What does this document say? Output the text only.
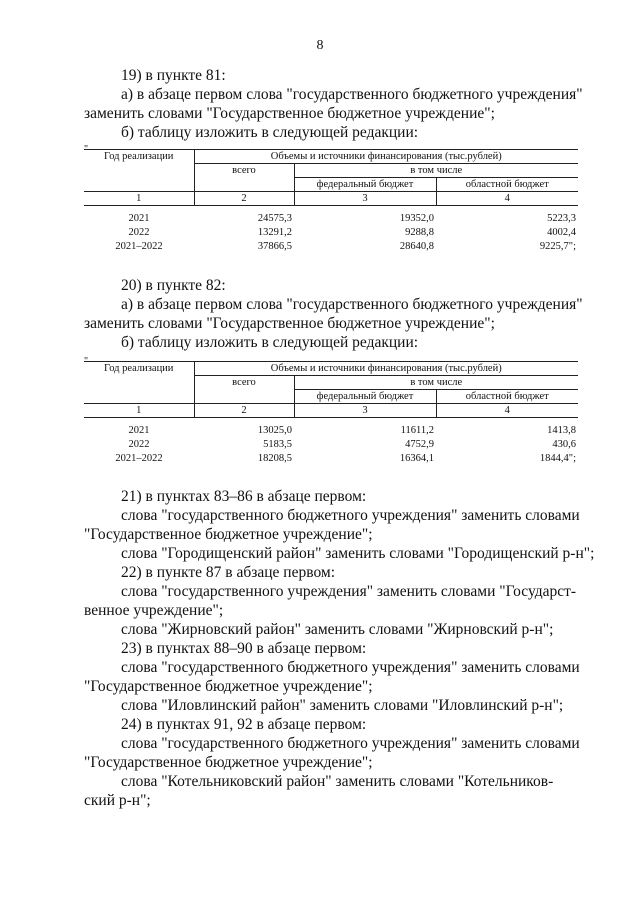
8
19) в пункте 81:
а) в абзаце первом слова "государственного бюджетного учреждения"
заменить словами "Государственное бюджетное учреждение";
б) таблицу изложить в следующей редакции:
"
Год реализации	Объемы и источники финансирования (тыс.рублей)		
	всего	в том числе	
		федеральный бюджет	областной бюджет
1	2	3	4
2021	24575,3	19352,0	5223,3
2022	13291,2	9288,8	4002,4
2021–2022	37866,5	28640,8	9225,7";
20) в пункте 82:
а) в абзаце первом слова "государственного бюджетного учреждения"
заменить словами "Государственное бюджетное учреждение";
б) таблицу изложить в следующей редакции:
"
Год реализации	Объемы и источники финансирования (тыс.рублей)		
	всего	в том числе	
		федеральный бюджет	областной бюджет
1	2	3	4
2021	13025,0	11611,2	1413,8
2022	5183,5	4752,9	430,6
2021–2022	18208,5	16364,1	1844,4";
21) в пунктах 83–86 в абзаце первом:
слова "государственного бюджетного учреждения" заменить словами
"Государственное бюджетное учреждение";
слова "Городищенский район" заменить словами "Городищенский р-н";
22) в пункте 87 в абзаце первом:
слова "государственного учреждения" заменить словами "Государст-
венное учреждение";
слова "Жирновский район" заменить словами "Жирновский р-н";
23) в пунктах 88–90 в абзаце первом:
слова "государственного бюджетного учреждения" заменить словами
"Государственное бюджетное учреждение";
слова "Иловлинский район" заменить словами "Иловлинский р-н";
24) в пунктах 91, 92 в абзаце первом:
слова "государственного бюджетного учреждения" заменить словами
"Государственное бюджетное учреждение";
слова "Котельниковский район" заменить словами "Котельников-
ский р-н";
